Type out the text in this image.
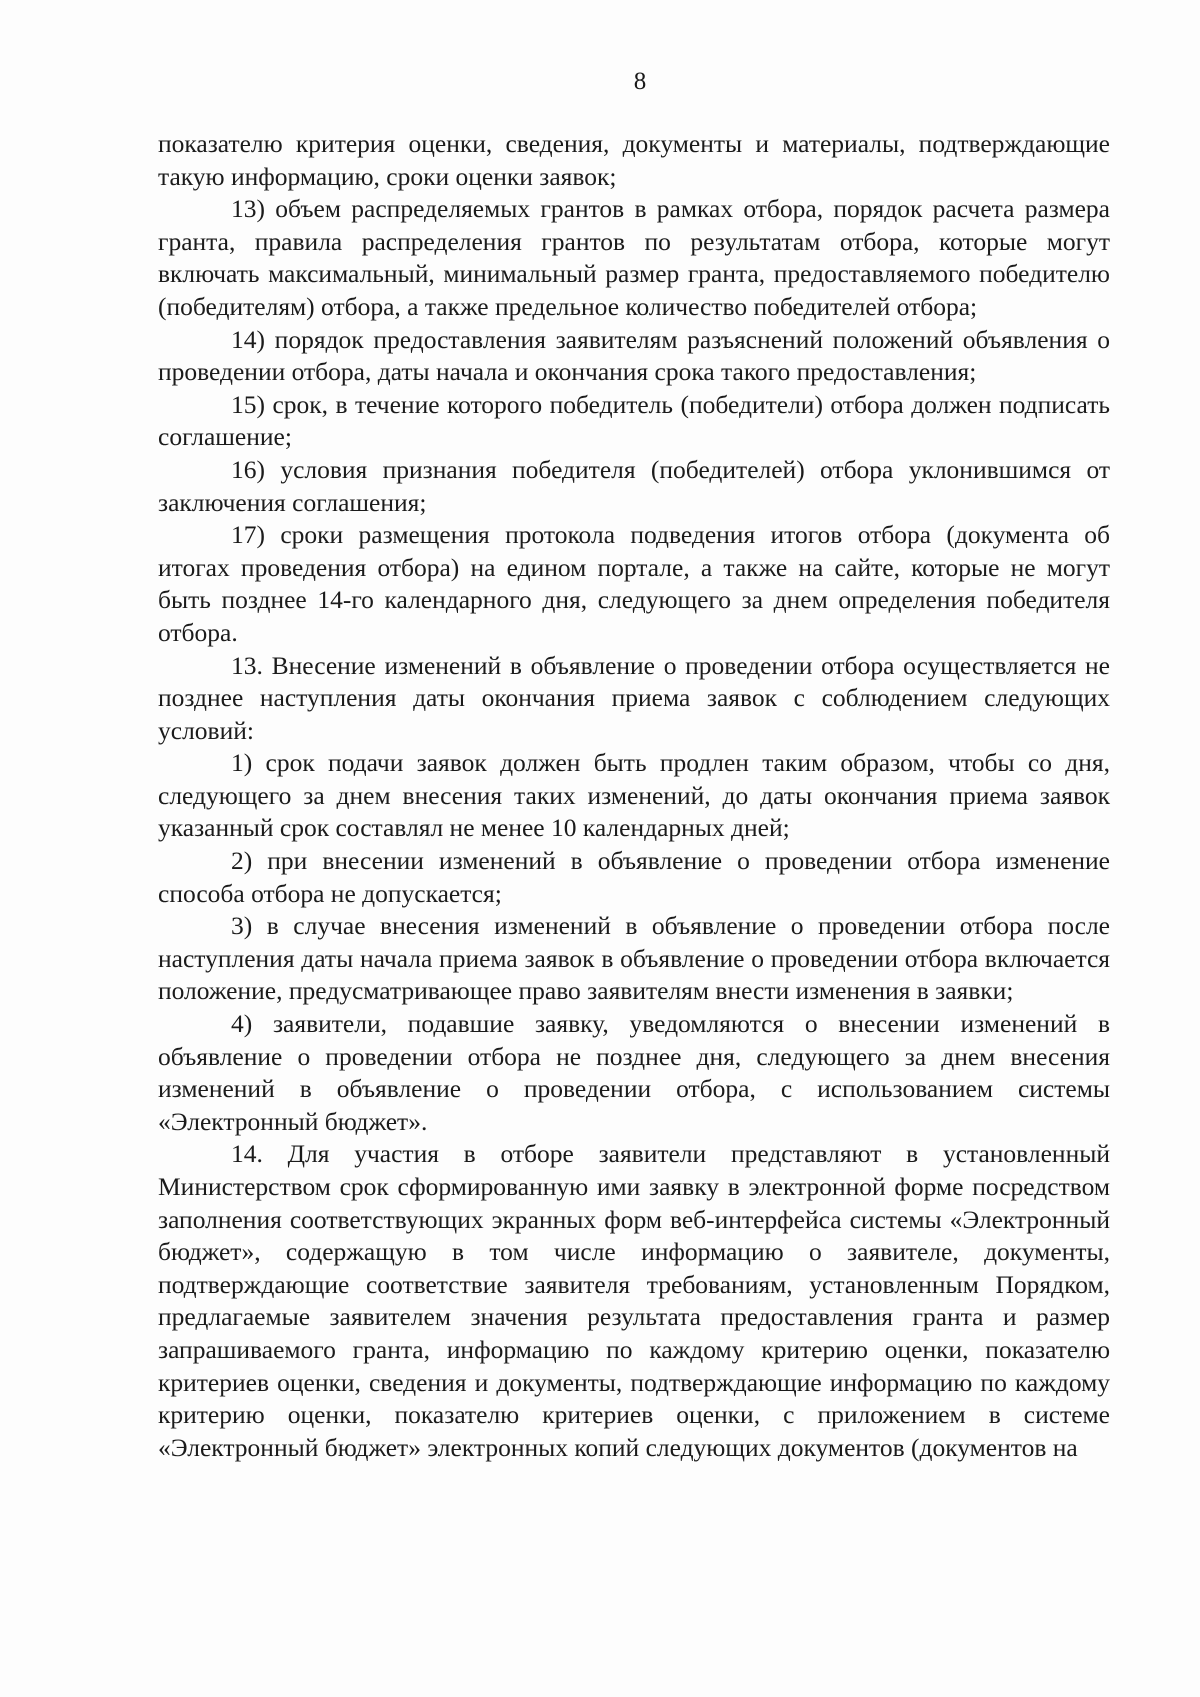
8

показателю критерия оценки, сведения, документы и материалы, подтверждающие такую информацию, сроки оценки заявок;

13) объем распределяемых грантов в рамках отбора, порядок расчета размера гранта, правила распределения грантов по результатам отбора, которые могут включать максимальный, минимальный размер гранта, предоставляемого победителю (победителям) отбора, а также предельное количество победителей отбора;

14) порядок предоставления заявителям разъяснений положений объявления о проведении отбора, даты начала и окончания срока такого предоставления;

15) срок, в течение которого победитель (победители) отбора должен подписать соглашение;

16) условия признания победителя (победителей) отбора уклонившимся от заключения соглашения;

17) сроки размещения протокола подведения итогов отбора (документа об итогах проведения отбора) на едином портале, а также на сайте, которые не могут быть позднее 14-го календарного дня, следующего за днем определения победителя отбора.

13. Внесение изменений в объявление о проведении отбора осуществляется не позднее наступления даты окончания приема заявок с соблюдением следующих условий:

1) срок подачи заявок должен быть продлен таким образом, чтобы со дня, следующего за днем внесения таких изменений, до даты окончания приема заявок указанный срок составлял не менее 10 календарных дней;

2) при внесении изменений в объявление о проведении отбора изменение способа отбора не допускается;

3) в случае внесения изменений в объявление о проведении отбора после наступления даты начала приема заявок в объявление о проведении отбора включается положение, предусматривающее право заявителям внести изменения в заявки;

4) заявители, подавшие заявку, уведомляются о внесении изменений в объявление о проведении отбора не позднее дня, следующего за днем внесения изменений в объявление о проведении отбора, с использованием системы «Электронный бюджет».

14. Для участия в отборе заявители представляют в установленный Министерством срок сформированную ими заявку в электронной форме посредством заполнения соответствующих экранных форм веб-интерфейса системы «Электронный бюджет», содержащую в том числе информацию о заявителе, документы, подтверждающие соответствие заявителя требованиям, установленным Порядком, предлагаемые заявителем значения результата предоставления гранта и размер запрашиваемого гранта, информацию по каждому критерию оценки, показателю критериев оценки, сведения и документы, подтверждающие информацию по каждому критерию оценки, показателю критериев оценки, с приложением в системе «Электронный бюджет» электронных копий следующих документов (документов на
